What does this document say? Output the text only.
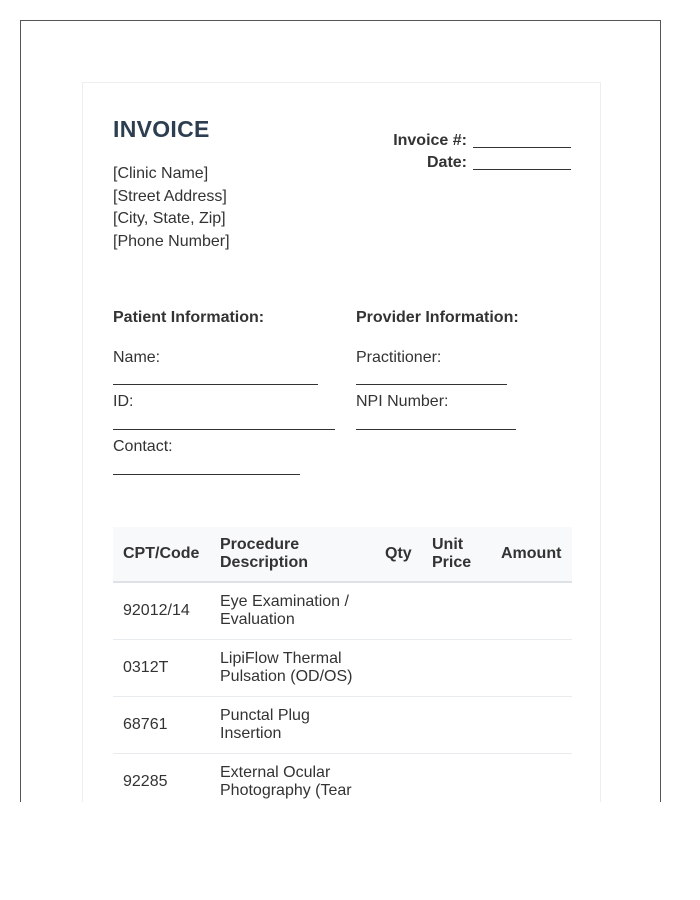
INVOICE
[Clinic Name]
[Street Address]
[City, State, Zip]
[Phone Number]
Invoice #:
Date:
Patient Information:	Provider Information:
Name:
ID:
Contact:
Practitioner:
NPI Number:
CPT/Code	Procedure Description	Qty	Unit Price	Amount
92012/14	Eye Examination / Evaluation			
0312T	LipiFlow Thermal Pulsation (OD/OS)			
68761	Punctal Plug Insertion			
92285	External Ocular Photography (Tear			
